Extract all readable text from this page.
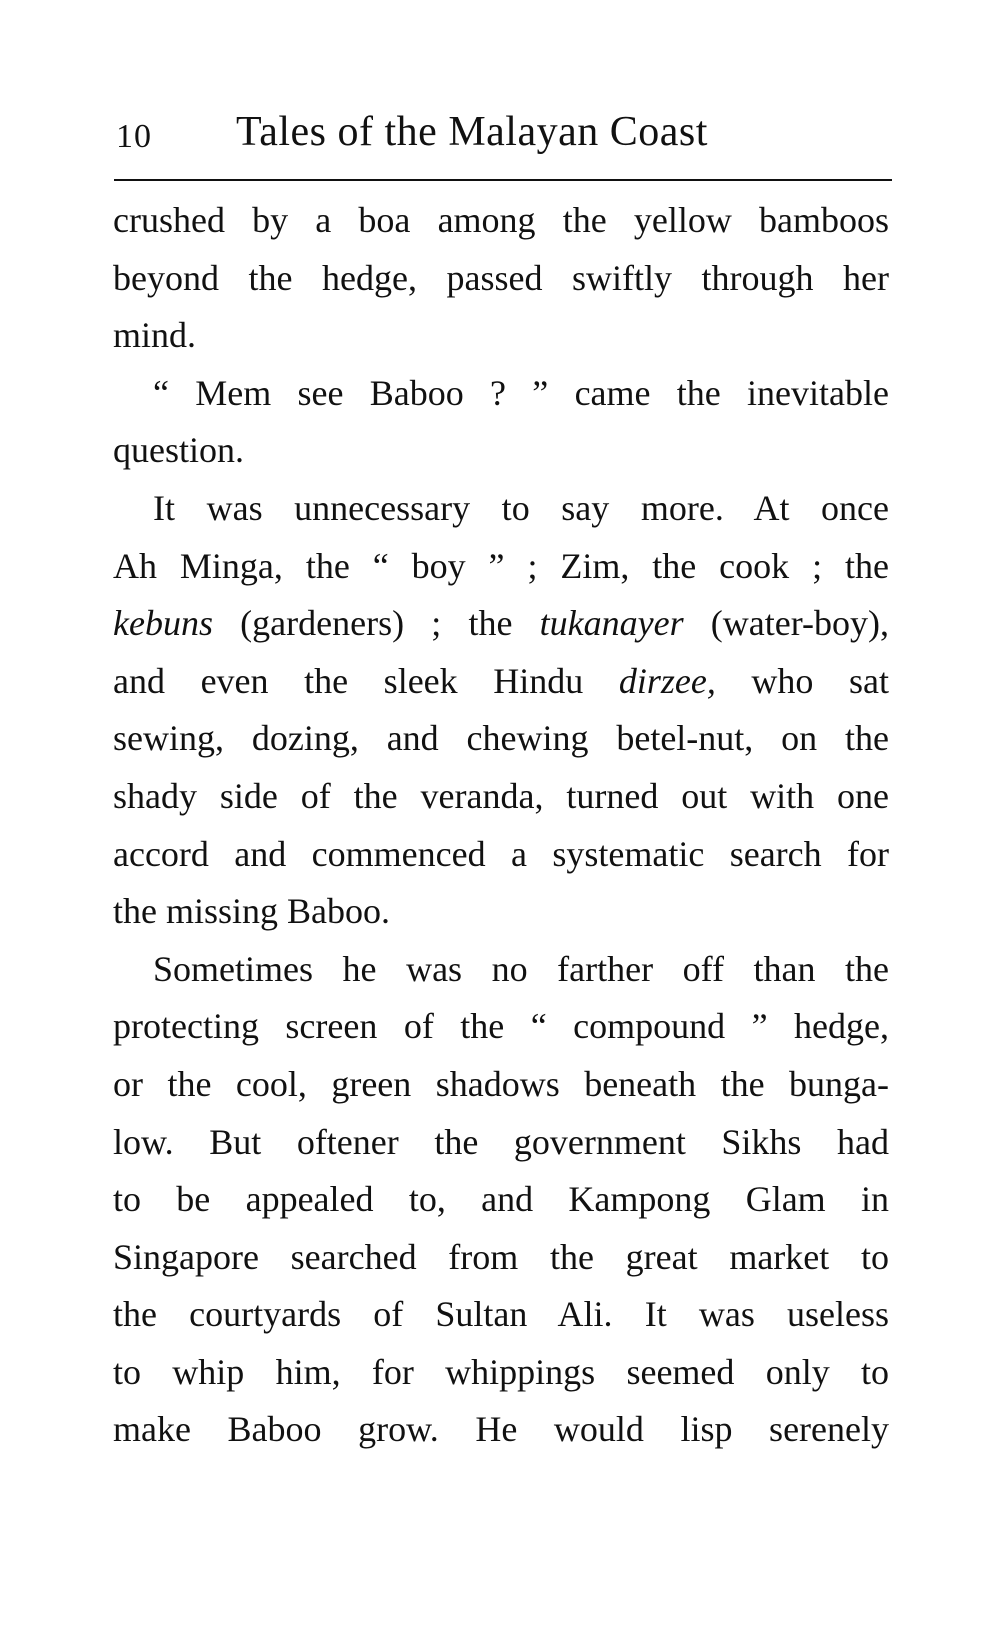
10 Tales of the Malayan Coast
crushed by a boa among the yellow bamboos
beyond the hedge, passed swiftly through her
mind.
“ Mem see Baboo ? ” came the inevitable
question.
It was unnecessary to say more. At once
Ah Minga, the “ boy ” ; Zim, the cook ; the
kebuns (gardeners) ; the tukanayer (water-boy),
and even the sleek Hindu dirzee, who sat
sewing, dozing, and chewing betel-nut, on the
shady side of the veranda, turned out with one
accord and commenced a systematic search for
the missing Baboo.
Sometimes he was no farther off than the
protecting screen of the “ compound ” hedge,
or the cool, green shadows beneath the bunga-
low. But oftener the government Sikhs had
to be appealed to, and Kampong Glam in
Singapore searched from the great market to
the courtyards of Sultan Ali. It was useless
to whip him, for whippings seemed only to
make Baboo grow. He would lisp serenely
